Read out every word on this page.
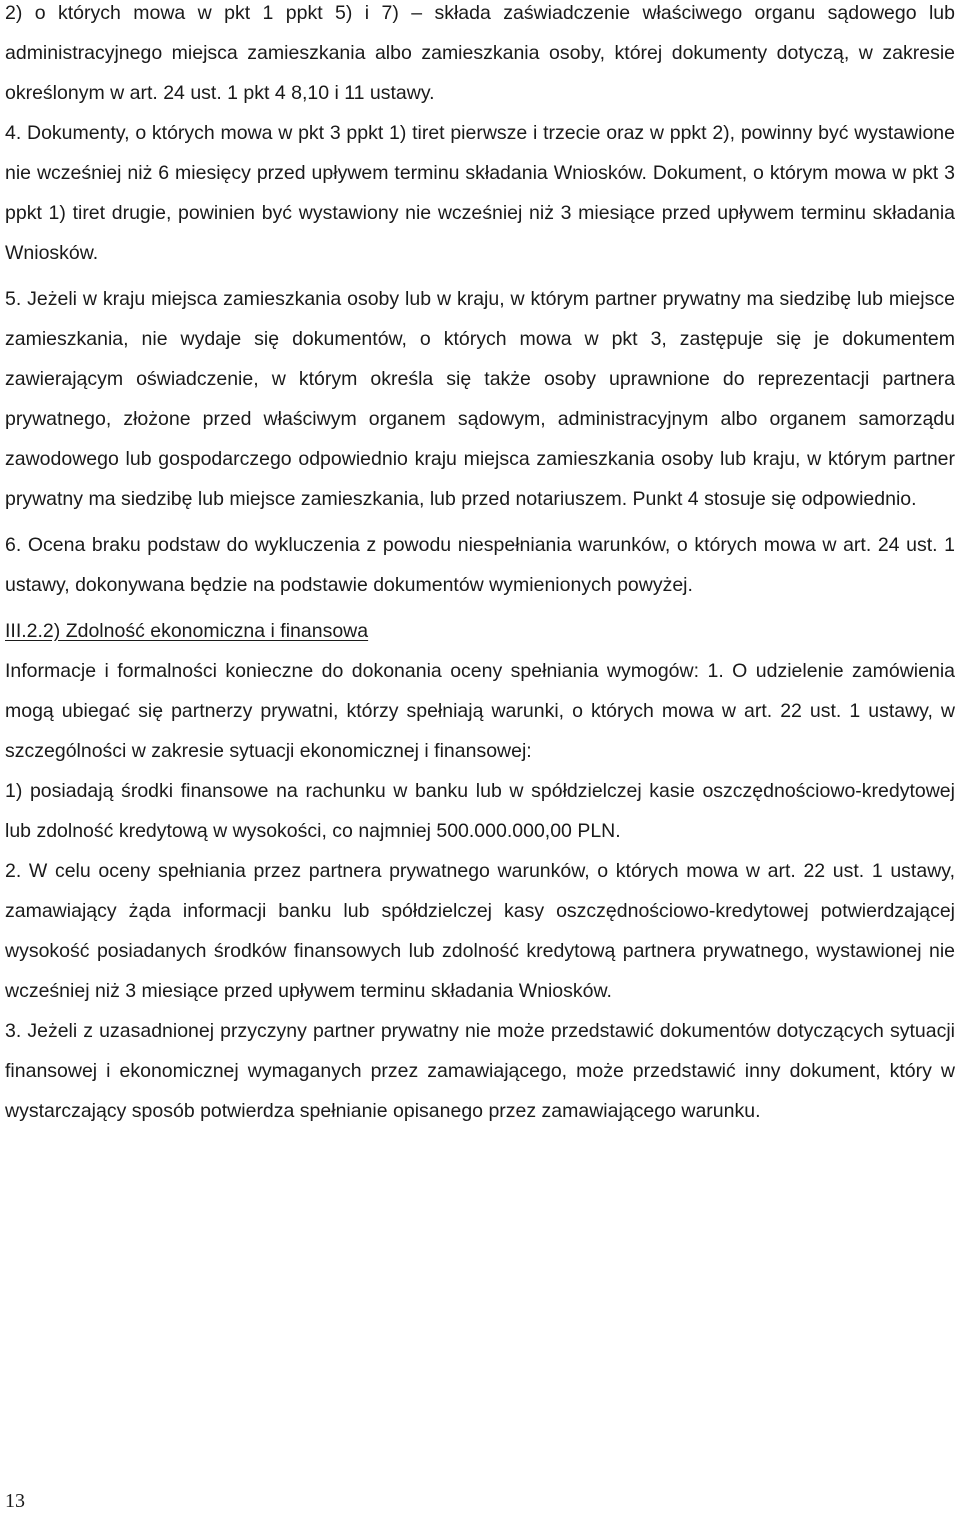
2) o których mowa w pkt 1 ppkt 5) i 7) – składa zaświadczenie właściwego organu sądowego lub administracyjnego miejsca zamieszkania albo zamieszkania osoby, której dokumenty dotyczą, w zakresie określonym w art. 24 ust. 1 pkt 4 8,10 i 11 ustawy.

4. Dokumenty, o których mowa w pkt 3 ppkt 1) tiret pierwsze i trzecie oraz w ppkt 2), powinny być wystawione nie wcześniej niż 6 miesięcy przed upływem terminu składania Wniosków. Dokument, o którym mowa w pkt 3 ppkt 1) tiret drugie, powinien być wystawiony nie wcześniej niż 3 miesiące przed upływem terminu składania Wniosków.

5. Jeżeli w kraju miejsca zamieszkania osoby lub w kraju, w którym partner prywatny ma siedzibę lub miejsce zamieszkania, nie wydaje się dokumentów, o których mowa w pkt 3, zastępuje się je dokumentem zawierającym oświadczenie, w którym określa się także osoby uprawnione do reprezentacji partnera prywatnego, złożone przed właściwym organem sądowym, administracyjnym albo organem samorządu zawodowego lub gospodarczego odpowiednio kraju miejsca zamieszkania osoby lub kraju, w którym partner prywatny ma siedzibę lub miejsce zamieszkania, lub przed notariuszem. Punkt 4 stosuje się odpowiednio.

6. Ocena braku podstaw do wykluczenia z powodu niespełniania warunków, o których mowa w art. 24 ust. 1 ustawy, dokonywana będzie na podstawie dokumentów wymienionych powyżej.

III.2.2) Zdolność ekonomiczna i finansowa

Informacje i formalności konieczne do dokonania oceny spełniania wymogów: 1. O udzielenie zamówienia mogą ubiegać się partnerzy prywatni, którzy spełniają warunki, o których mowa w art. 22 ust. 1 ustawy, w szczególności w zakresie sytuacji ekonomicznej i finansowej:

1) posiadają środki finansowe na rachunku w banku lub w spółdzielczej kasie oszczędnościowo-kredytowej lub zdolność kredytową w wysokości, co najmniej 500.000.000,00 PLN.

2. W celu oceny spełniania przez partnera prywatnego warunków, o których mowa w art. 22 ust. 1 ustawy, zamawiający żąda informacji banku lub spółdzielczej kasy oszczędnościowo-kredytowej potwierdzającej wysokość posiadanych środków finansowych lub zdolność kredytową partnera prywatnego, wystawionej nie wcześniej niż 3 miesiące przed upływem terminu składania Wniosków.

3. Jeżeli z uzasadnionej przyczyny partner prywatny nie może przedstawić dokumentów dotyczących sytuacji finansowej i ekonomicznej wymaganych przez zamawiającego, może przedstawić inny dokument, który w wystarczający sposób potwierdza spełnianie opisanego przez zamawiającego warunku.

13
